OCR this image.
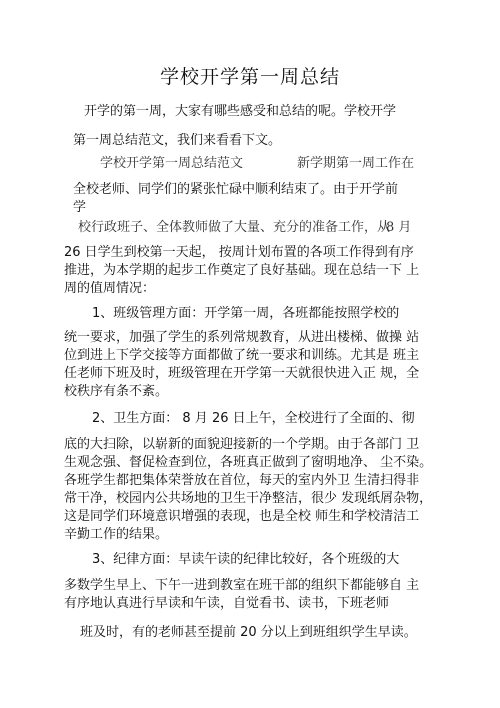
学校开学第一周总结

开学的第一周，大家有哪些感受和总结的呢。学校开学

第一周总结范文，我们来看看下文。

学校开学第一周总结范文	新学期第一周工作在

全校老师、同学们的紧张忙碌中顺利结束了。由于开学前

学

校行政班子、全体教师做了大量、充分的准备工作，从

8 月

26 日学生到校第一天起， 按周计划布置的各项工作得到有序

推进，为本学期的起步工作奠定了良好基础。现在总结一下 上

周的值周情况：

1、班级管理方面：开学第一周，各班都能按照学校的

统一要求，加强了学生的系列常规教育，从进出楼梯、做操 站

位到进上下学交接等方面都做了统一要求和训练。尤其是 班主

任老师下班及时，班级管理在开学第一天就很快进入正 规，全

校秩序有条不紊。

2、卫生方面： 8 月 26 日上午，全校进行了全面的、彻

底的大扫除，以崭新的面貌迎接新的一个学期。由于各部门 卫

生观念强、督促检查到位，各班真正做到了窗明地净、 尘不染。

各班学生都把集体荣誉放在首位，每天的室内外卫 生清扫得非

常干净，校园内公共场地的卫生干净整洁，很少 发现纸屑杂物，

这是同学们环境意识增强的表现，也是全校 师生和学校清洁工

辛勤工作的结果。

3、纪律方面：早读午读的纪律比较好，各个班级的大

多数学生早上、下午一进到教室在班干部的组织下都能够自 主

有序地认真进行早读和午读，自觉看书、读书，下班老师

班及时，有的老师甚至提前 20 分以上到班组织学生早读。
